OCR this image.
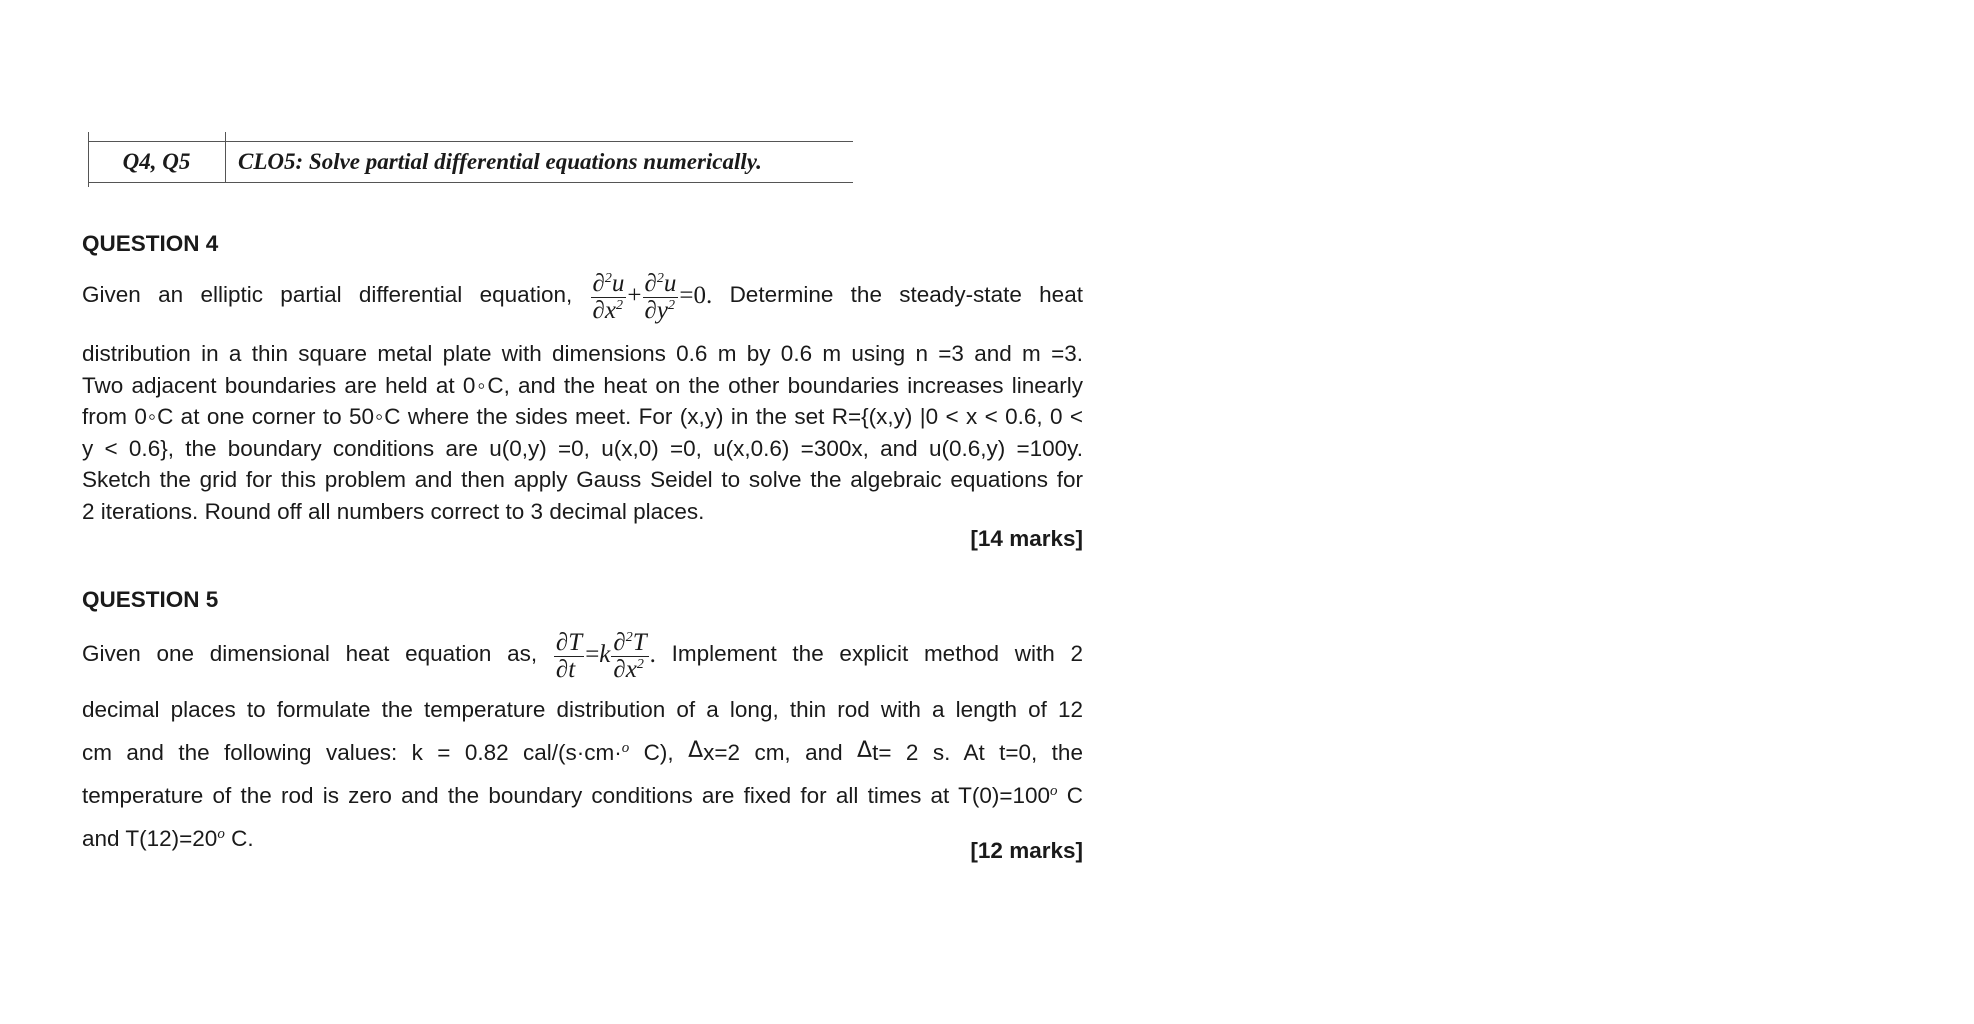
Q4, Q5	CLO5: Solve partial differential equations numerically.
QUESTION 4
Given an elliptic partial differential equation, $\frac{\partial^2u}{\partial x^2} + \frac{\partial^2u}{\partial y^2} =0$. Determine the steady-state heat
distribution in a thin square metal plate with dimensions 0.6 m by 0.6 m using n =3 and m =3.
Two adjacent boundaries are held at 0◦C, and the heat on the other boundaries increases linearly
from 0◦C at one corner to 50◦C where the sides meet. For (x,y) in the set R={(x,y) |0 < x < 0.6, 0 <
y < 0.6}, the boundary conditions are u(0,y) =0, u(x,0) =0, u(x,0.6) =300x, and u(0.6,y) =100y.
Sketch the grid for this problem and then apply Gauss Seidel to solve the algebraic equations for
2 iterations. Round off all numbers correct to 3 decimal places.
[14 marks]
QUESTION 5
Given one dimensional heat equation as, $\frac{\partial T}{\partial t} =k \frac{\partial^2T}{\partial x^2}$ . Implement the explicit method with 2
decimal places to formulate the temperature distribution of a long, thin rod with a length of 12
cm and the following values: k = 0.82 cal/(s·cm·$^o$ C), Δx=2 cm, and Δt= 2 s. At t=0, the
temperature of the rod is zero and the boundary conditions are fixed for all times at $T(0)=100^o$ C
and $T(12)=20^o$ C.	[12 marks]
